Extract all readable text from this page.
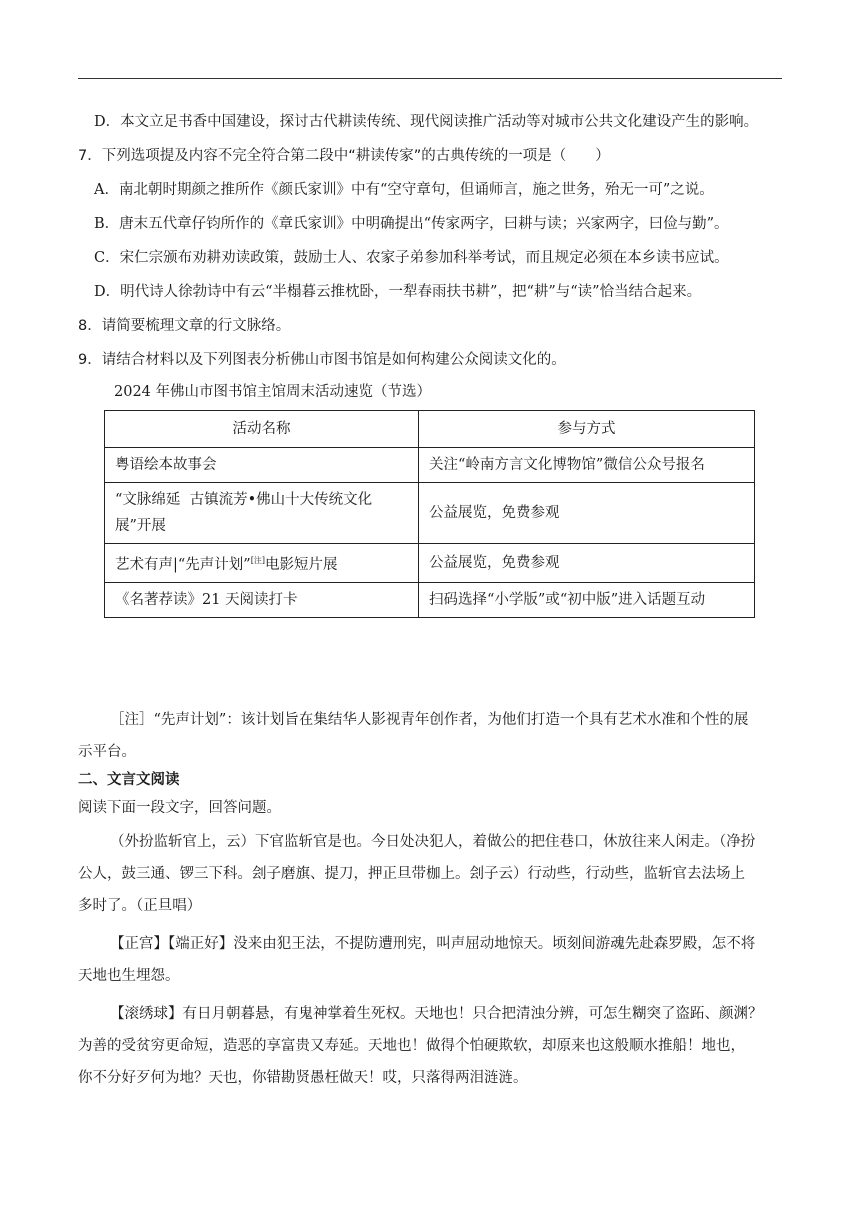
D．本文立足书香中国建设，探讨古代耕读传统、现代阅读推广活动等对城市公共文化建设产生的影响。
7．下列选项提及内容不完全符合第二段中“耕读传家”的古典传统的一项是（　　）
A．南北朝时期颜之推所作《颜氏家训》中有“空守章句，但诵师言，施之世务，殆无一可”之说。
B．唐末五代章仔钧所作的《章氏家训》中明确提出“传家两字，曰耕与读；兴家两字，曰俭与勤”。
C．宋仁宗颁布劝耕劝读政策，鼓励士人、农家子弟参加科举考试，而且规定必须在本乡读书应试。
D．明代诗人徐勃诗中有云“半榻暮云推枕卧，一犁春雨扶书耕”，把“耕”与“读”恰当结合起来。
8．请简要梳理文章的行文脉络。
9．请结合材料以及下列图表分析佛山市图书馆是如何构建公众阅读文化的。
2024 年佛山市图书馆主馆周末活动速览（节选）
活动名称	参与方式
粤语绘本故事会	关注“岭南方言文化博物馆”微信公众号报名
“文脉绵延  古镇流芳•佛山十大传统文化展”开展	公益展览，免费参观
艺术有声|“先声计划”[注]电影短片展	公益展览，免费参观
《名著荐读》21 天阅读打卡	扫码选择“小学版”或“初中版”进入话题互动
［注］“先声计划”：该计划旨在集结华人影视青年创作者，为他们打造一个具有艺术水准和个性的展
示平台。
二、文言文阅读
阅读下面一段文字，回答问题。
（外扮监斩官上，云）下官监斩官是也。今日处决犯人，着做公的把住巷口，休放往来人闲走。（净扮
公人，鼓三通、锣三下科。刽子磨旗、提刀，押正旦带枷上。刽子云）行动些，行动些，监斩官去法场上
多时了。（正旦唱）
【正宫】【端正好】没来由犯王法，不提防遭刑宪，叫声屈动地惊天。顷刻间游魂先赴森罗殿，怎不将
天地也生埋怨。
【滚绣球】有日月朝暮悬，有鬼神掌着生死权。天地也！只合把清浊分辨，可怎生糊突了盗跖、颜渊？
为善的受贫穷更命短，造恶的享富贵又寿延。天地也！做得个怕硬欺软，却原来也这般顺水推船！地也，
你不分好歹何为地？天也，你错勘贤愚枉做天！哎，只落得两泪涟涟。
